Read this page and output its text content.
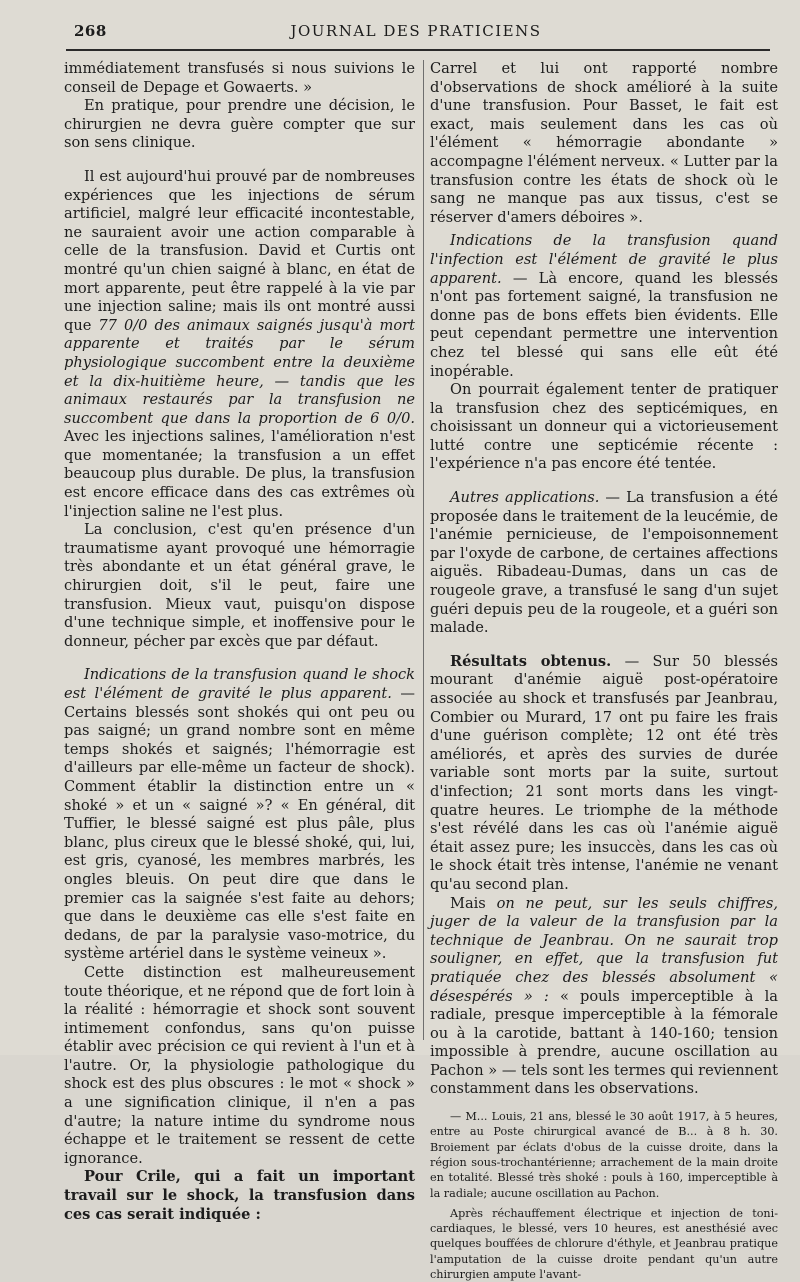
268	JOURNAL DES PRATICIENS

immédiatement transfusés si nous suivions le conseil de Depage et Gowaerts. »

En pratique, pour prendre une décision, le chirurgien ne devra guère compter que sur son sens clinique.

Il est aujourd'hui prouvé par de nombreuses expériences que les injections de sérum artificiel, malgré leur efficacité incontestable, ne sauraient avoir une action comparable à celle de la transfusion. David et Curtis ont montré qu'un chien saigné à blanc, en état de mort apparente, peut être rappelé à la vie par une injection saline; mais ils ont montré aussi que 77 0/0 des animaux saignés jusqu'à mort apparente et traités par le sérum physiologique succombent entre la deuxième et la dix-huitième heure, — tandis que les animaux restaurés par la transfusion ne succombent que dans la proportion de 6 0/0. Avec les injections salines, l'amélioration n'est que momentanée; la transfusion a un effet beaucoup plus durable. De plus, la transfusion est encore efficace dans des cas extrêmes où l'injection saline ne l'est plus.

La conclusion, c'est qu'en présence d'un traumatisme ayant provoqué une hémorragie très abondante et un état général grave, le chirurgien doit, s'il le peut, faire une transfusion. Mieux vaut, puisqu'on dispose d'une technique simple, et inoffensive pour le donneur, pécher par excès que par défaut.

Indications de la transfusion quand le shock est l'élément de gravité le plus apparent. — Certains blessés sont shokés qui ont peu ou pas saigné; un grand nombre sont en même temps shokés et saignés; l'hémorragie est d'ailleurs par elle-même un facteur de shock). Comment établir la distinction entre un « shoké » et un « saigné »? « En général, dit Tuffier, le blessé saigné est plus pâle, plus blanc, plus cireux que le blessé shoké, qui, lui, est gris, cyanosé, les membres marbrés, les ongles bleuis. On peut dire que dans le premier cas la saignée s'est faite au dehors; que dans le deuxième cas elle s'est faite en dedans, de par la paralysie vaso-motrice, du système artériel dans le système veineux ».

Cette distinction est malheureusement toute théorique, et ne répond que de fort loin à la réalité : hémorragie et shock sont souvent intimement confondus, sans qu'on puisse établir avec précision ce qui revient à l'un et à l'autre. Or, la physiologie pathologique du shock est des plus obscures : le mot « shock » a une signification clinique, il n'en a pas d'autre; la nature intime du syndrome nous échappe et le traitement se ressent de cette ignorance.

Pour Crile, qui a fait un important travail sur le shock, la transfusion dans ces cas serait indiquée :

Carrel et lui ont rapporté nombre d'observations de shock amélioré à la suite d'une transfusion. Pour Basset, le fait est exact, mais seulement dans les cas où l'élément « hémorragie abondante » accompagne l'élément nerveux. « Lutter par la transfusion contre les états de shock où le sang ne manque pas aux tissus, c'est se réserver d'amers déboires ».

Indications de la transfusion quand l'infection est l'élément de gravité le plus apparent. — Là encore, quand les blessés n'ont pas fortement saigné, la transfusion ne donne pas de bons effets bien évidents. Elle peut cependant permettre une intervention chez tel blessé qui sans elle eût été inopérable.

On pourrait également tenter de pratiquer la transfusion chez des septicémiques, en choisissant un donneur qui a victorieusement lutté contre une septicémie récente : l'expérience n'a pas encore été tentée.

Autres applications. — La transfusion a été proposée dans le traitement de la leucémie, de l'anémie pernicieuse, de l'empoisonnement par l'oxyde de carbone, de certaines affections aiguës. Ribadeau-Dumas, dans un cas de rougeole grave, a transfusé le sang d'un sujet guéri depuis peu de la rougeole, et a guéri son malade.

Résultats obtenus. — Sur 50 blessés mourant d'anémie aiguë post-opératoire associée au shock et transfusés par Jeanbrau, Combier ou Murard, 17 ont pu faire les frais d'une guérison complète; 12 ont été très améliorés, et après des survies de durée variable sont morts par la suite, surtout d'infection; 21 sont morts dans les vingt-quatre heures. Le triomphe de la méthode s'est révélé dans les cas où l'anémie aiguë était assez pure; les insuccès, dans les cas où le shock était très intense, l'anémie ne venant qu'au second plan.

Mais on ne peut, sur les seuls chiffres, juger de la valeur de la transfusion par la technique de Jeanbrau. On ne saurait trop souligner, en effet, que la transfusion fut pratiquée chez des blessés absolument « désespérés » : « pouls imperceptible à la radiale, presque imperceptible à la fémorale ou à la carotide, battant à 140-160; tension impossible à prendre, aucune oscillation au Pachon » — tels sont les termes qui reviennent constamment dans les observations.

— M... Louis, 21 ans, blessé le 30 août 1917, à 5 heures, entre au Poste chirurgical avancé de B... à 8 h. 30. Broiement par éclats d'obus de la cuisse droite, dans la région sous-trochantérienne; arrachement de la main droite en totalité. Blessé très shoké : pouls à 160, imperceptible à la radiale; aucune oscillation au Pachon.

Après réchauffement électrique et injection de toni-cardiaques, le blessé, vers 10 heures, est anesthésié avec quelques bouffées de chlorure d'éthyle, et Jeanbrau pratique l'amputation de la cuisse droite pendant qu'un autre chirurgien ampute l'avant-
